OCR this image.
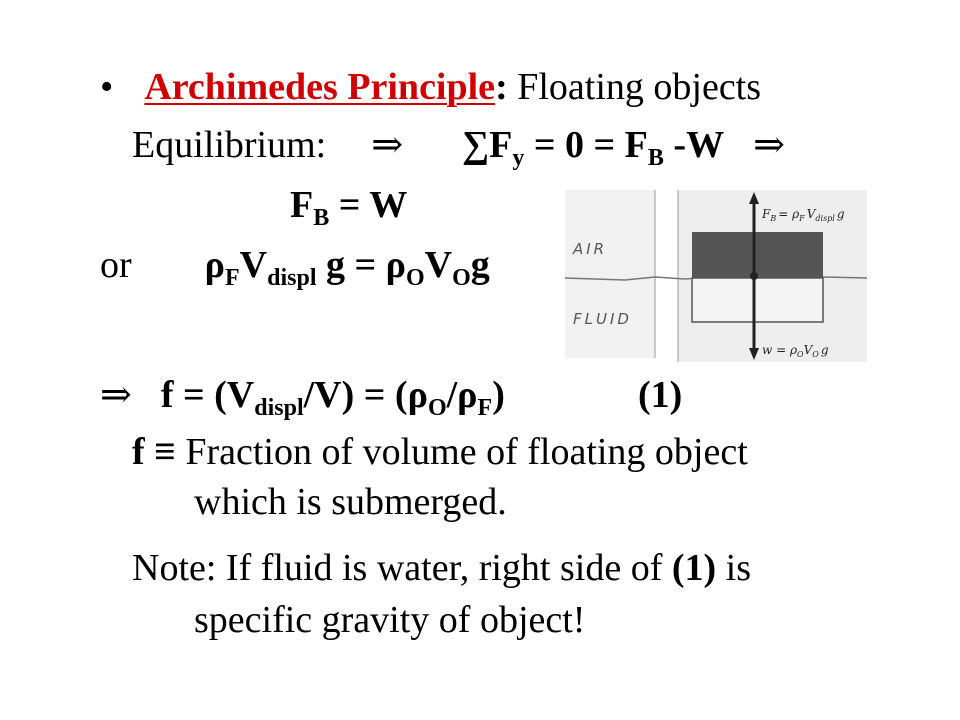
• Archimedes Principle: Floating objects
Equilibrium: ⇒ $\sum F_y = 0 = F_B$ -W ⇒
$F_B = W$
or $\rho_FV_{displ}$ $g = \rho_OV_Og$	AIR
FLUID
$F_B = \rho_F$ $V_{displ}$ g
$w = \rho_OV_O$ g
⇒ $f = (V_{displ}/V) = (\rho_O/\rho_F)$	(1)
f ≡ Fraction of volume of floating object
which is submerged.
Note: If fluid is water, right side of (1) is
specific gravity of object!
